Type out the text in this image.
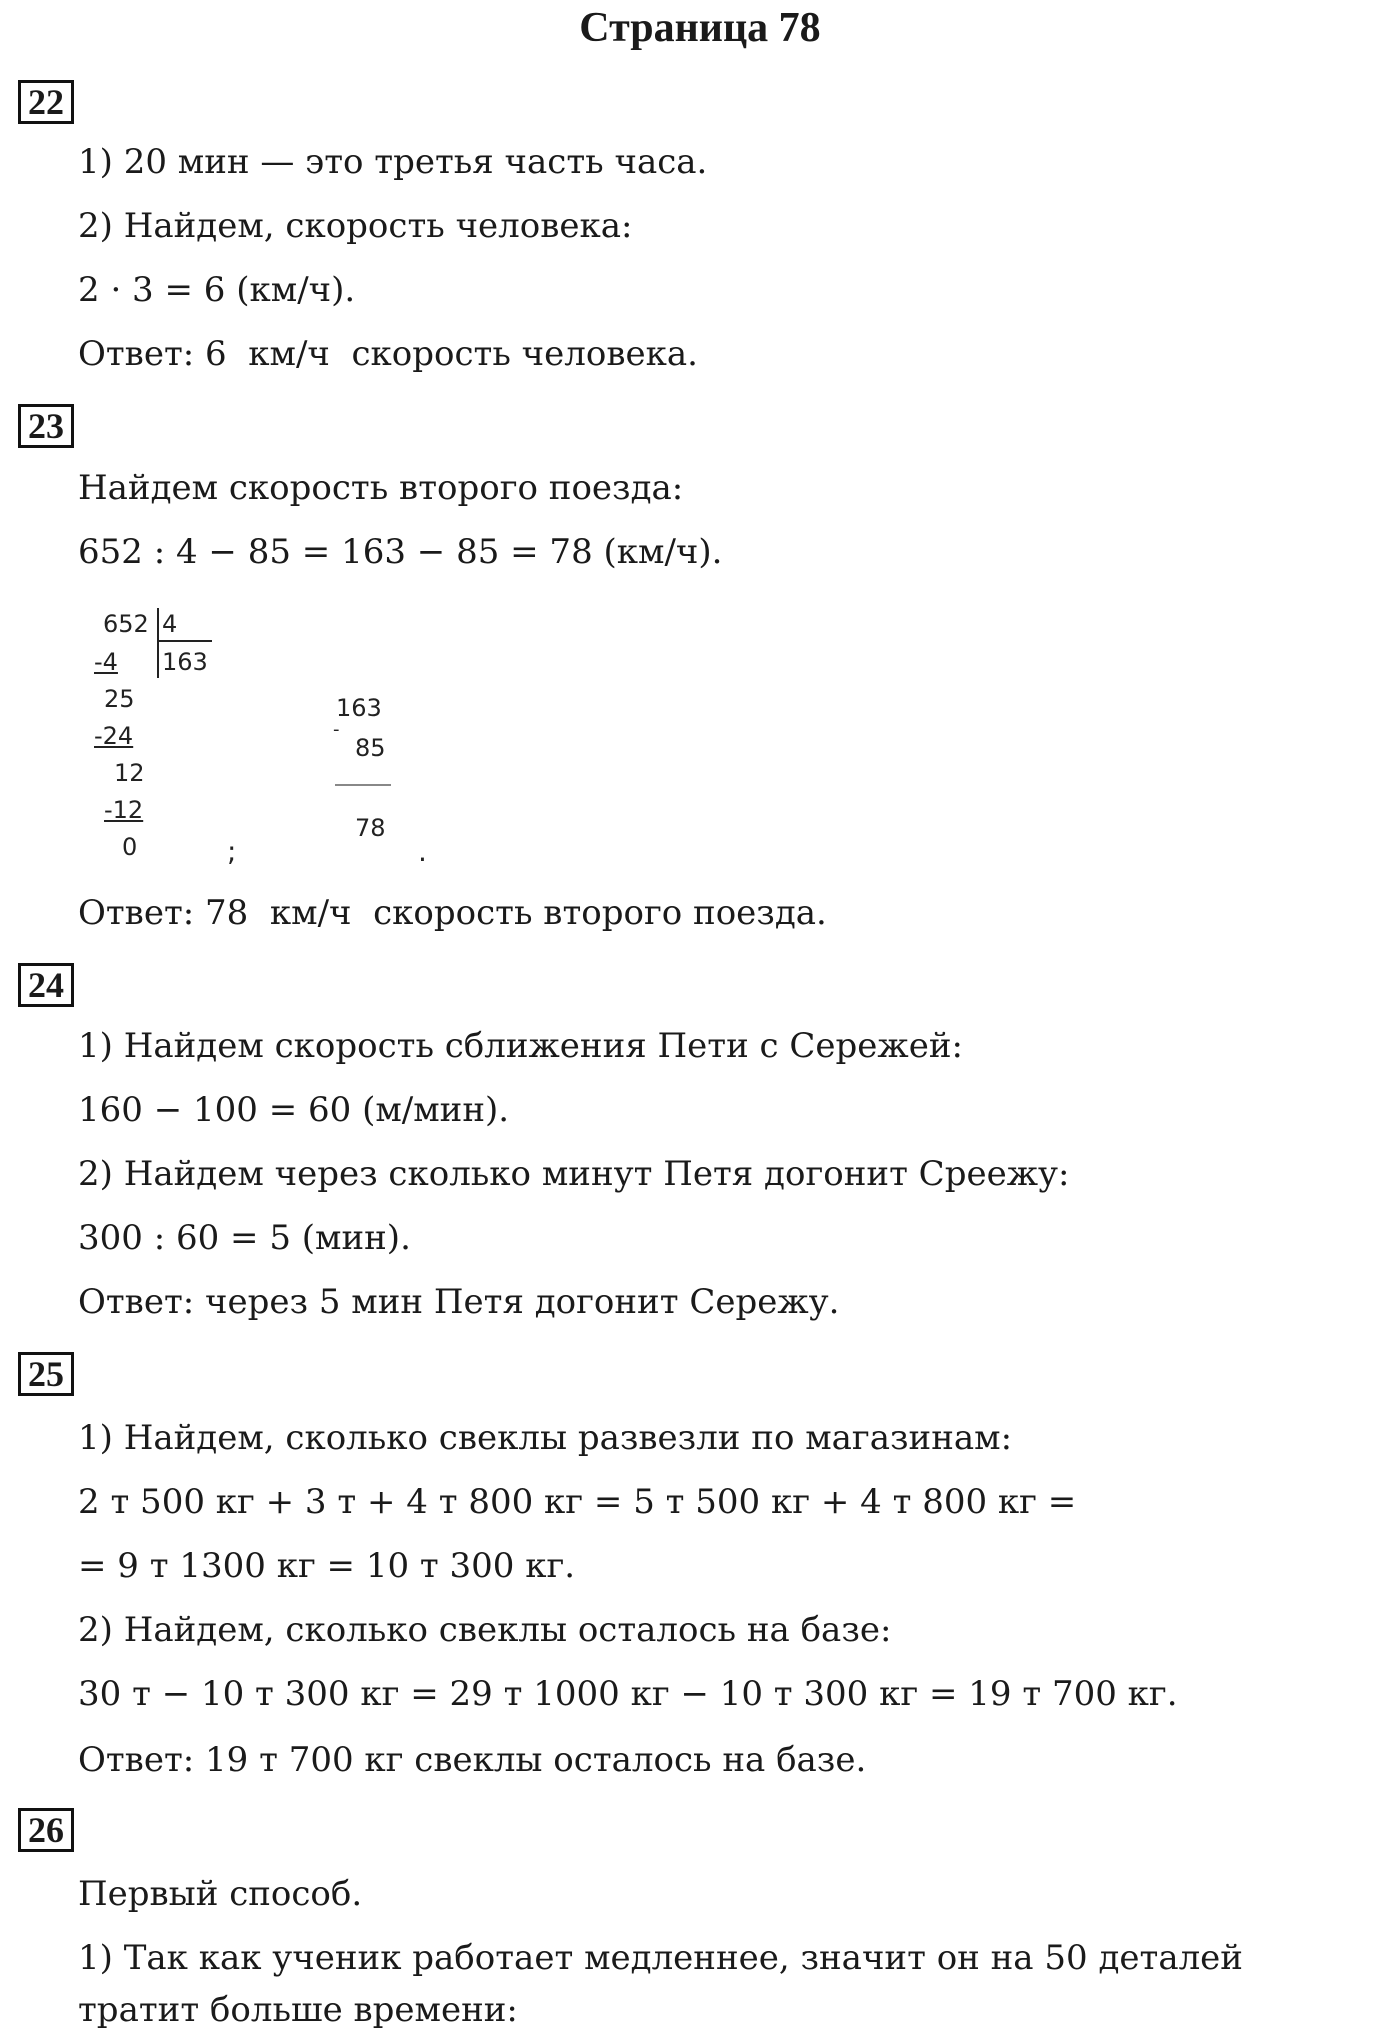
Страница 78
22
1) 20 мин — это третья часть часа.
2) Найдем, скорость человека:
2 · 3 = 6 (км/ч).
Ответ: 6  км/ч  скорость человека.
23
Найдем скорость второго поезда:
652 : 4 − 85 = 163 − 85 = 78 (км/ч).
652 4
163
-4
25
-24
12
-12
0	;
163
-
85
78
.
Ответ: 78  км/ч  скорость второго поезда.
24
1) Найдем скорость сближения Пети с Сережей:
160 − 100 = 60 (м/мин).
2) Найдем через сколько минут Петя догонит Среежу:
300 : 60 = 5 (мин).
Ответ: через 5 мин Петя догонит Сережу.
25
1) Найдем, сколько свеклы развезли по магазинам:
2 т 500 кг + 3 т + 4 т 800 кг = 5 т 500 кг + 4 т 800 кг =
= 9 т 1300 кг = 10 т 300 кг.
2) Найдем, сколько свеклы осталось на базе:
30 т − 10 т 300 кг = 29 т 1000 кг − 10 т 300 кг = 19 т 700 кг.
Ответ: 19 т 700 кг свеклы осталось на базе.
26
Первый способ.
1) Так как ученик работает медленнее, значит он на 50 деталей
тратит больше времени:
